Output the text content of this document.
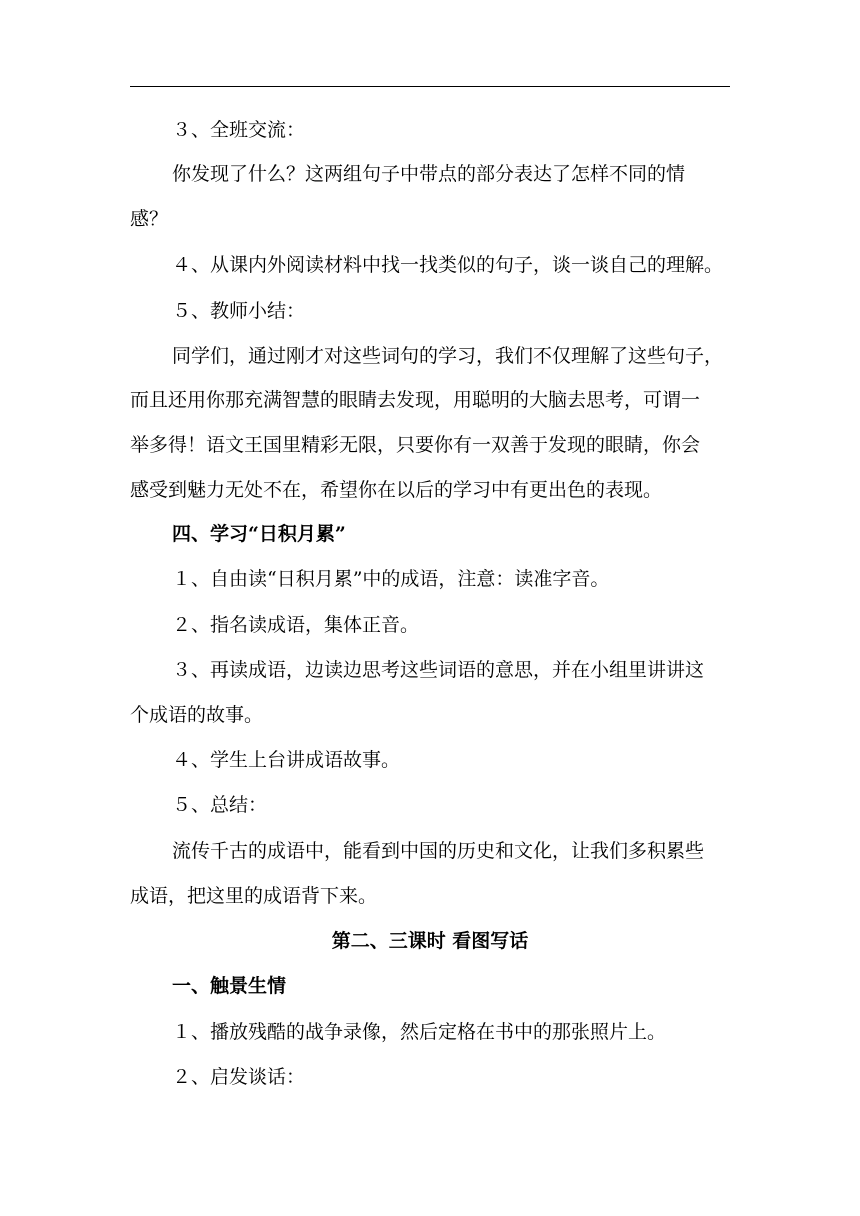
３、全班交流：
你发现了什么？这两组句子中带点的部分表达了怎样不同的情
感？
４、从课内外阅读材料中找一找类似的句子，谈一谈自己的理解。
５、教师小结：
同学们，通过刚才对这些词句的学习，我们不仅理解了这些句子，
而且还用你那充满智慧的眼睛去发现，用聪明的大脑去思考，可谓一
举多得！语文王国里精彩无限，只要你有一双善于发现的眼睛，你会
感受到魅力无处不在，希望你在以后的学习中有更出色的表现。
四、学习“日积月累”
１、自由读“日积月累”中的成语，注意：读准字音。
２、指名读成语，集体正音。
３、再读成语，边读边思考这些词语的意思，并在小组里讲讲这
个成语的故事。
４、学生上台讲成语故事。
５、总结：
流传千古的成语中，能看到中国的历史和文化，让我们多积累些
成语，把这里的成语背下来。
第二、三课时 看图写话
一、触景生情
１、播放残酷的战争录像，然后定格在书中的那张照片上。
２、启发谈话：
